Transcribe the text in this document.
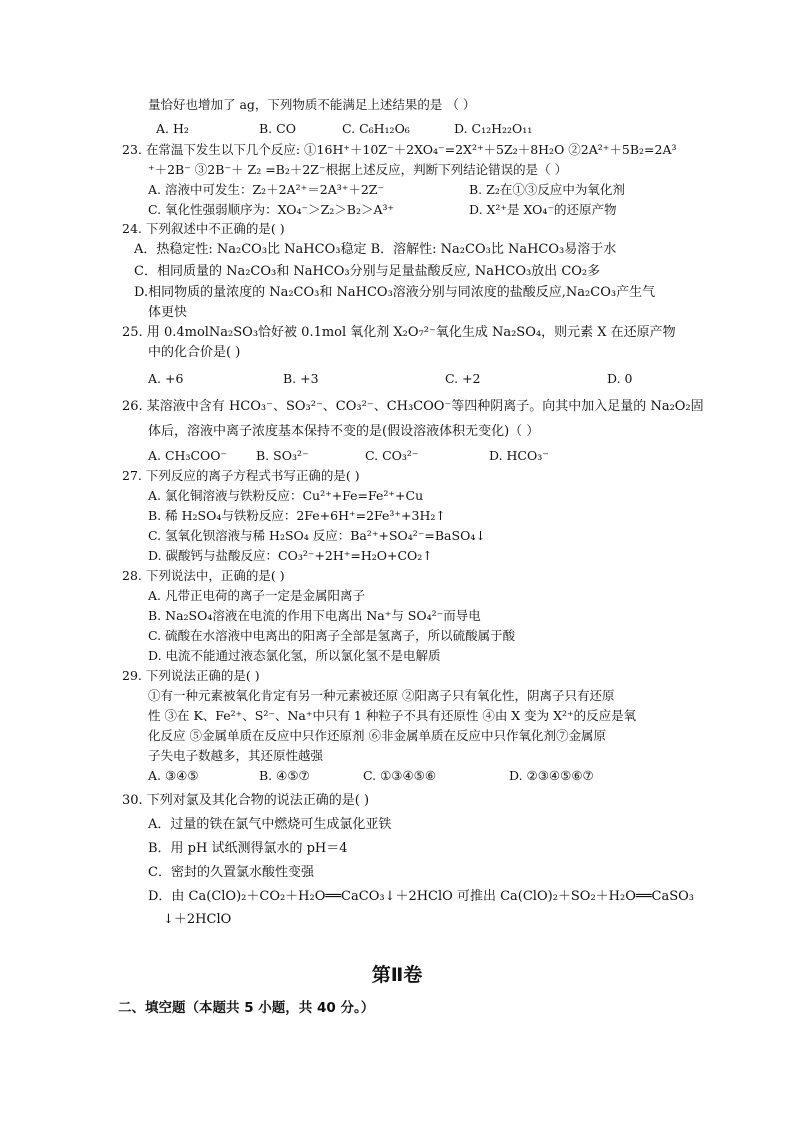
量恰好也增加了 ag，下列物质不能满足上述结果的是 （ ）
A. H₂	B. CO	C. C₆H₁₂O₆	D. C₁₂H₂₂O₁₁
23. 在常温下发生以下几个反应: ①16H⁺＋10Z⁻＋2XO₄⁻=2X²⁺＋5Z₂＋8H₂O ②2A²⁺＋5B₂=2A³
⁺＋2B⁻ ③2B⁻＋ Z₂ =B₂＋2Z⁻根据上述反应，判断下列结论错误的是（ ）
A. 溶液中可发生：Z₂＋2A²⁺＝2A³⁺＋2Z⁻	B. Z₂在①③反应中为氧化剂
C. 氧化性强弱顺序为：XO₄⁻＞Z₂＞B₂＞A³⁺	D. X²⁺是 XO₄⁻的还原产物
24. 下列叙述中不正确的是( )
A．热稳定性: Na₂CO₃比 NaHCO₃稳定 B．溶解性: Na₂CO₃比 NaHCO₃易溶于水
C．相同质量的 Na₂CO₃和 NaHCO₃分别与足量盐酸反应, NaHCO₃放出 CO₂多
D.相同物质的量浓度的 Na₂CO₃和 NaHCO₃溶液分别与同浓度的盐酸反应,Na₂CO₃产生气
体更快
25. 用 0.4molNa₂SO₃恰好被 0.1mol 氧化剂 X₂O₇²⁻氧化生成 Na₂SO₄，则元素 X 在还原产物
中的化合价是( )
A. +6	B. +3	C. +2	D. 0
26. 某溶液中含有 HCO₃⁻、SO₃²⁻、CO₃²⁻、CH₃COO⁻等四种阴离子。向其中加入足量的 Na₂O₂固
体后，溶液中离子浓度基本保持不变的是(假设溶液体积无变化)（ ）
A. CH₃COO⁻ B. SO₃²⁻	C. CO₃²⁻	D. HCO₃⁻
27. 下列反应的离子方程式书写正确的是( )
A. 氯化铜溶液与铁粉反应：Cu²⁺+Fe=Fe²⁺+Cu
B. 稀 H₂SO₄与铁粉反应：2Fe+6H⁺=2Fe³⁺+3H₂↑
C. 氢氧化钡溶液与稀 H₂SO₄ 反应：Ba²⁺+SO₄²⁻=BaSO₄↓
D. 碳酸钙与盐酸反应：CO₃²⁻+2H⁺=H₂O+CO₂↑
28. 下列说法中，正确的是( )
A. 凡带正电荷的离子一定是金属阳离子
B. Na₂SO₄溶液在电流的作用下电离出 Na⁺与 SO₄²⁻而导电
C. 硫酸在水溶液中电离出的阳离子全部是氢离子，所以硫酸属于酸
D. 电流不能通过液态氯化氢，所以氯化氢不是电解质
29. 下列说法正确的是( )
①有一种元素被氧化肯定有另一种元素被还原 ②阳离子只有氧化性，阴离子只有还原
性 ③在 K、Fe²⁺、S²⁻、Na⁺中只有 1 种粒子不具有还原性 ④由 X 变为 X²⁺的反应是氧
化反应 ⑤金属单质在反应中只作还原剂 ⑥非金属单质在反应中只作氧化剂⑦金属原
子失电子数越多，其还原性越强
A. ③④⑤	B. ④⑤⑦	C. ①③④⑤⑥	D. ②③④⑤⑥⑦
30. 下列对氯及其化合物的说法正确的是( )
A．过量的铁在氯气中燃烧可生成氯化亚铁
B．用 pH 试纸测得氯水的 pH＝4
C．密封的久置氯水酸性变强
D．由 Ca(ClO)₂＋CO₂＋H₂O══CaCO₃↓＋2HClO 可推出 Ca(ClO)₂＋SO₂＋H₂O══CaSO₃
↓＋2HClO
第Ⅱ卷
二、填空题（本题共 5 小题，共 40 分。）
